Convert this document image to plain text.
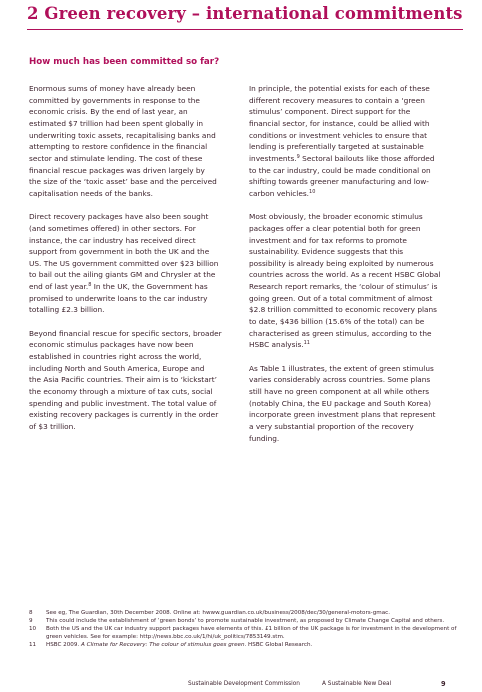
2 Green recovery – international commitments
How much has been committed so far?

Enormous sums of money have already been
committed by governments in response to the
economic crisis. By the end of last year, an
estimated $7 trillion had been spent globally in
underwriting toxic assets, recapitalising banks and
attempting to restore confidence in the financial
sector and stimulate lending. The cost of these
financial rescue packages was driven largely by
the size of the ‘toxic asset’ base and the perceived
capitalisation needs of the banks.

Direct recovery packages have also been sought
(and sometimes offered) in other sectors. For
instance, the car industry has received direct
support from government in both the UK and the
US. The US government committed over $23 billion
to bail out the ailing giants GM and Chrysler at the
end of last year.$^8$ In the UK, the Government has
promised to underwrite loans to the car industry
totalling £2.3 billion.

Beyond financial rescue for specific sectors, broader
economic stimulus packages have now been
established in countries right across the world,
including North and South America, Europe and
the Asia Pacific countries. Their aim is to ‘kickstart’
the economy through a mixture of tax cuts, social
spending and public investment. The total value of
existing recovery packages is currently in the order
of $3 trillion.

In principle, the potential exists for each of these
different recovery measures to contain a ‘green
stimulus’ component. Direct support for the
financial sector, for instance, could be allied with
conditions or investment vehicles to ensure that
lending is preferentially targeted at sustainable
investments.$^9$ Sectoral bailouts like those afforded
to the car industry, could be made conditional on
shifting towards greener manufacturing and low-
carbon vehicles.$^{10}$

Most obviously, the broader economic stimulus
packages offer a clear potential both for green
investment and for tax reforms to promote
sustainability. Evidence suggests that this
possibility is already being exploited by numerous
countries across the world. As a recent HSBC Global
Research report remarks, the ‘colour of stimulus’ is
going green. Out of a total commitment of almost
$2.8 trillion committed to economic recovery plans
to date, $436 billion (15.6% of the total) can be
characterised as green stimulus, according to the
HSBC analysis.$^{11}$

As Table 1 illustrates, the extent of green stimulus
varies considerably across countries. Some plans
still have no green component at all while others
(notably China, the EU package and South Korea)
incorporate green investment plans that represent
a very substantial proportion of the recovery
funding.

8	See eg, The Guardian, 30th December 2008. Online at: hwww.guardian.co.uk/business/2008/dec/30/general-motors-gmac.
9	This could include the establishment of ‘green bonds’ to promote sustainable investment, as proposed by Climate Change Capital and others.
10	Both the US and the UK car industry support packages have elements of this. £1 billion of the UK package is for investment in the development of green vehicles. See for example: http://news.bbc.co.uk/1/hi/uk_politics/7853149.stm.
11	HSBC 2009. A Climate for Recovery: The colour of stimulus goes green. HSBC Global Research.
Sustainable Development Commission	A Sustainable New Deal	9
